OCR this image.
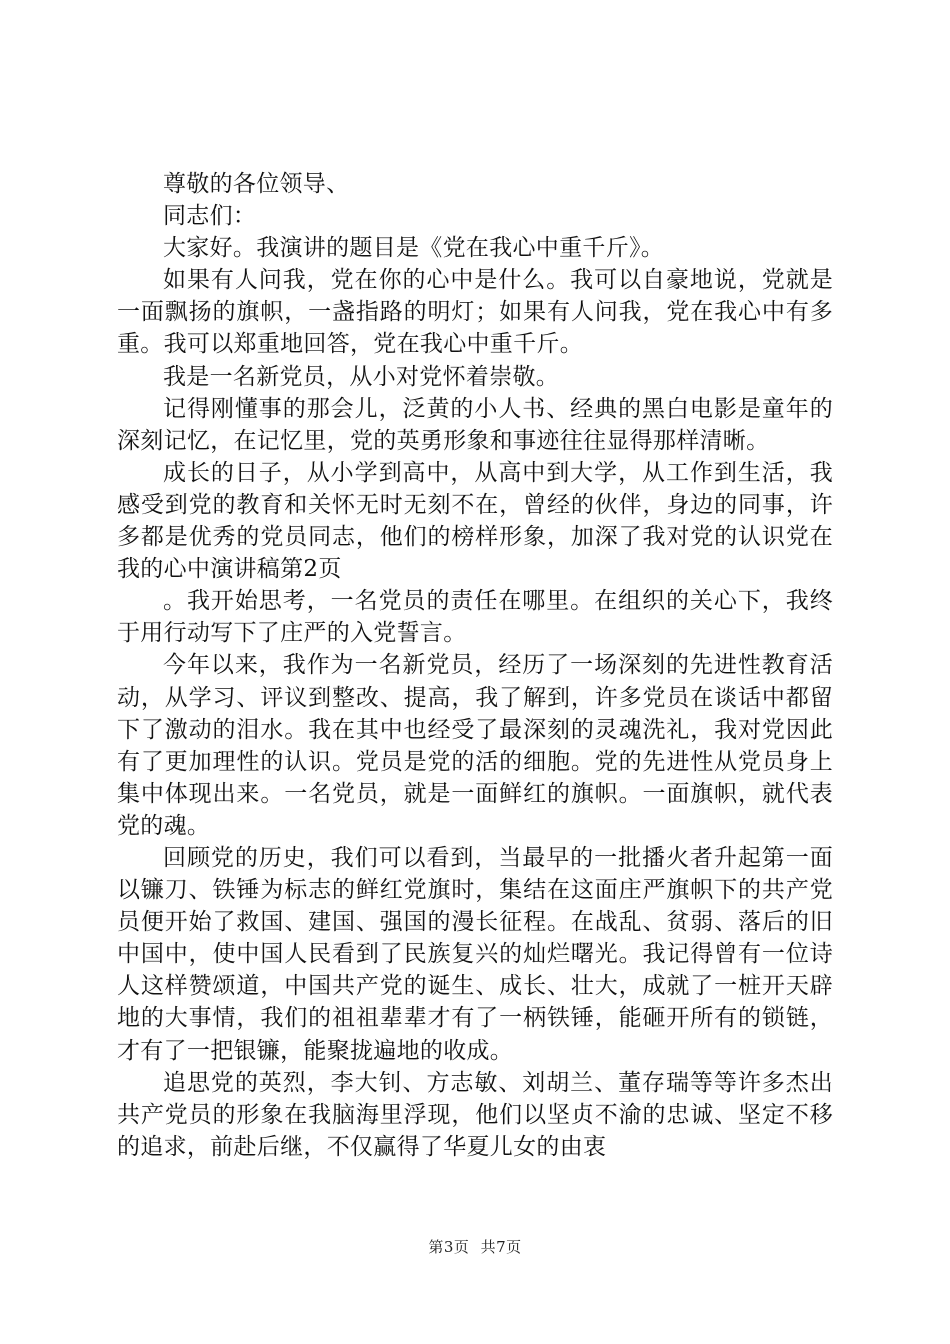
尊敬的各位领导、

同志们：

大家好。我演讲的题目是《党在我心中重千斤》。

如果有人问我，党在你的心中是什么。我可以自豪地说，党就是一面飘扬的旗帜，一盏指路的明灯；如果有人问我，党在我心中有多重。我可以郑重地回答，党在我心中重千斤。

我是一名新党员，从小对党怀着崇敬。

记得刚懂事的那会儿，泛黄的小人书、经典的黑白电影是童年的深刻记忆，在记忆里，党的英勇形象和事迹往往显得那样清晰。

成长的日子，从小学到高中，从高中到大学，从工作到生活，我感受到党的教育和关怀无时无刻不在，曾经的伙伴，身边的同事，许多都是优秀的党员同志，他们的榜样形象，加深了我对党的认识党在我的心中演讲稿第2页

。我开始思考，一名党员的责任在哪里。在组织的关心下，我终于用行动写下了庄严的入党誓言。

今年以来，我作为一名新党员，经历了一场深刻的先进性教育活动，从学习、评议到整改、提高，我了解到，许多党员在谈话中都留下了激动的泪水。我在其中也经受了最深刻的灵魂洗礼，我对党因此有了更加理性的认识。党员是党的活的细胞。党的先进性从党员身上集中体现出来。一名党员，就是一面鲜红的旗帜。一面旗帜，就代表党的魂。

回顾党的历史，我们可以看到，当最早的一批播火者升起第一面以镰刀、铁锤为标志的鲜红党旗时，集结在这面庄严旗帜下的共产党员便开始了救国、建国、强国的漫长征程。在战乱、贫弱、落后的旧中国中，使中国人民看到了民族复兴的灿烂曙光。我记得曾有一位诗人这样赞颂道，中国共产党的诞生、成长、壮大，成就了一桩开天辟地的大事情，我们的祖祖辈辈才有了一柄铁锤，能砸开所有的锁链，才有了一把银镰，能聚拢遍地的收成。

追思党的英烈，李大钊、方志敏、刘胡兰、董存瑞等等许多杰出共产党员的形象在我脑海里浮现，他们以坚贞不渝的忠诚、坚定不移的追求，前赴后继，不仅赢得了华夏儿女的由衷

第3页 共7页
